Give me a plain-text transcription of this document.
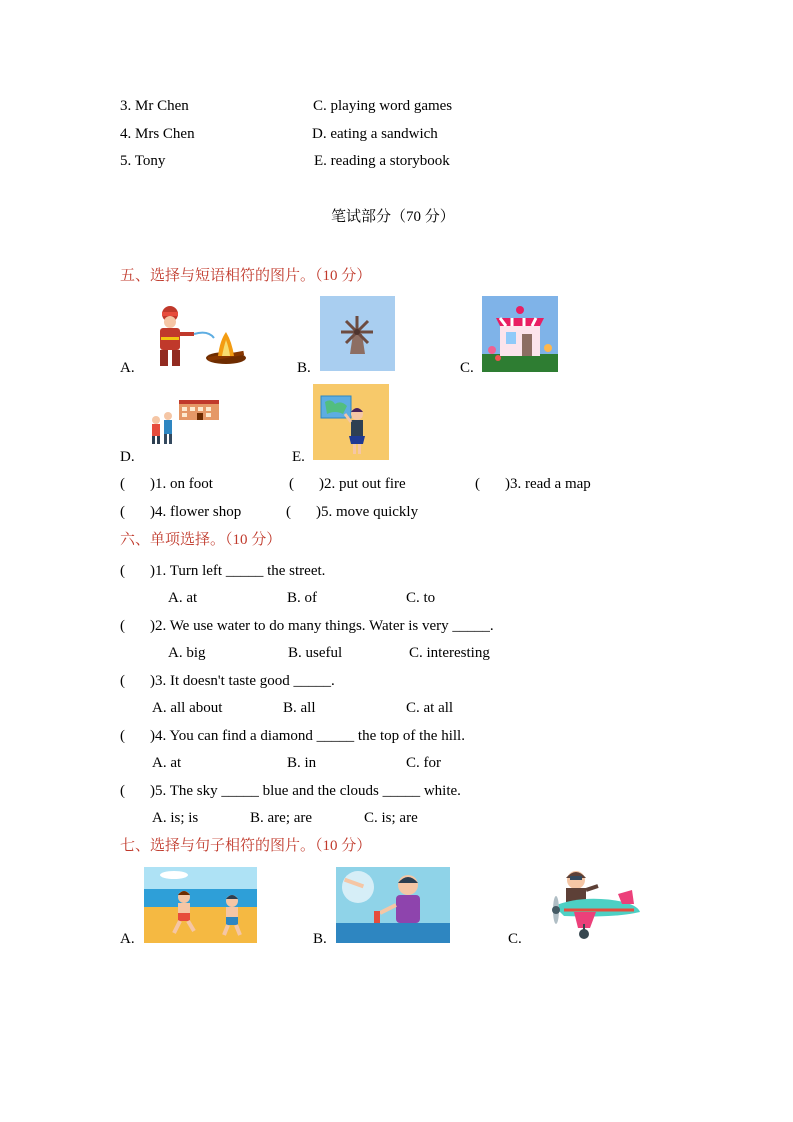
3. Mr Chen	C. playing word games
4. Mrs Chen	D. eating a sandwich
5. Tony	E. reading a storybook
笔试部分（70 分）
五、选择与短语相符的图片。（10 分）
A.	B.	C.
D.	E.
( )1. on foot	( )2. put out fire	( )3. read a map
( )4. flower shop	( )5. move quickly
六、单项选择。（10 分）
( )1. Turn left _____ the street.
A. at	B. of	C. to
( )2. We use water to do many things. Water is very _____.
A. big	B. useful	C. interesting
( )3. It doesn't taste good _____.
A. all about	B. all	C. at all
( )4. You can find a diamond _____ the top of the hill.
A. at	B. in	C. for
( )5. The sky _____ blue and the clouds _____ white.
A. is; is	B. are; are	C. is; are
七、选择与句子相符的图片。（10 分）
A.	B.	C.
